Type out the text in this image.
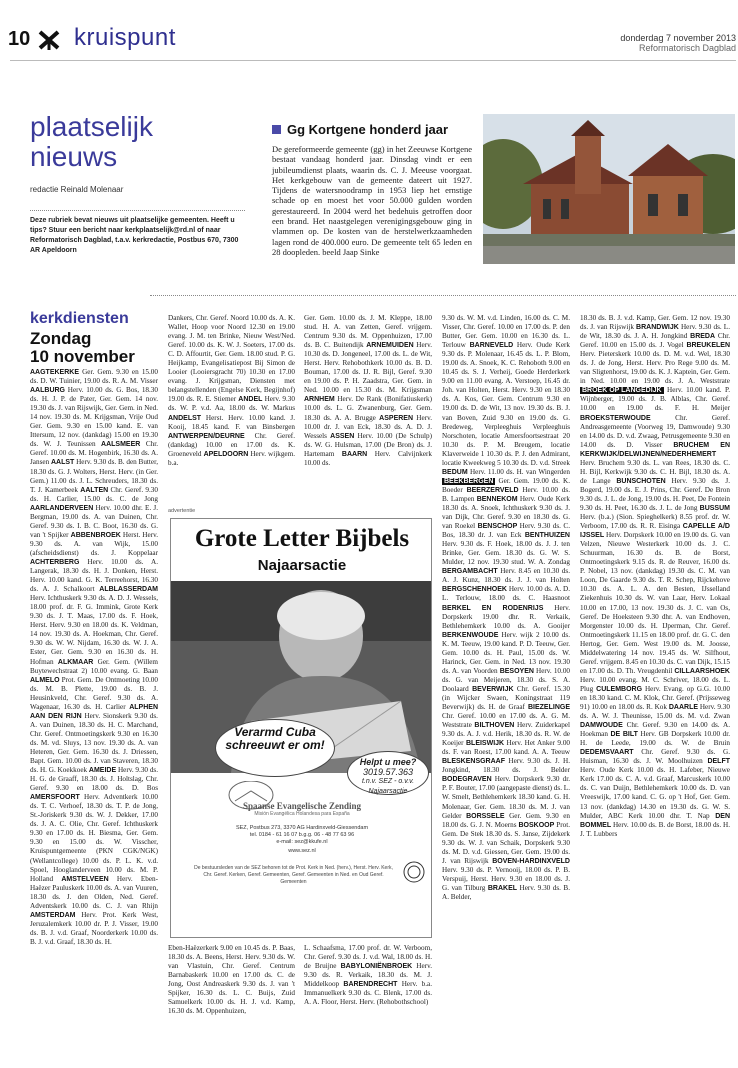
10 kruispunt	donderdag 7 november 2013
Reformatorisch Dagblad
plaatselijk
nieuws
redactie Reinald Molenaar
Deze rubriek bevat nieuws uit plaatselijke gemeenten. Heeft u tips? Stuur een bericht naar kerkplaatselijk@rd.nl of naar Reformatorisch Dagblad, t.a.v. kerkredactie, Postbus 670, 7300 AR Apeldoorn
Gg Kortgene honderd jaar
De gereformeerde gemeente (gg) in het Zeeuwse Kortgene bestaat vandaag honderd jaar. Dinsdag vindt er een jubileumdienst plaats, waarin ds. C. J. Meeuse voorgaat. Het kerkgebouw van de gemeente dateert uit 1927. Tijdens de watersnoodramp in 1953 liep het ernstige schade op en moest het voor 50.000 gulden worden gerestaureerd. In 2004 werd het bedehuis getroffen door een brand. Het naastgelegen verenigingsgebouw ging in vlammen op. De kosten van de herstelwerkzaamheden lagen rond de 400.000 euro. De gemeente telt 65 leden en 28 doopleden. beeld Jaap Sinke
kerkdiensten
Zondag
10 november
AAGTEKERKE Ger. Gem. 9.30 en 15.00 ds. D. W. Tuinier, 19.00 ds. R. A. M. Visser AALBURG Herv. 10.00 ds. G. Bos, 18.30 ds. H. J. P. de Pater, Ger. Gem. 14 nov. 19.30 ds. J. van Rijswijk, Ger. Gem. in Ned. 14 nov. 19.30 ds. M. Krijgsman, Vrije Oud Ger. Gem. 9.30 en 15.00 kand. E. van Ittersum, 12 nov. (dankdag) 15.00 en 19.30 ds. W. J. Teunissen AALSMEER Chr. Geref. 10.00 ds. M. Hogenbirk, 16.30 ds. A. Jansen AALST Herv. 9.30 ds. B. den Butter, 18.30 ds. G. J. Wolters, Herst. Herv. (in Ger. Gem.) 11.00 ds. J. L. Schreuders, 18.30 ds. T. J. Kamerbeek AALTEN Chr. Geref. 9.30 ds. H. Carlier, 15.00 ds. C. de Jong AARLANDERVEEN Herv. 10.00 dhr. E. J. Bergman, 19.00 ds. A. van Duinen, Chr. Geref. 9.30 ds. I. B. C. Boot, 16.30 ds. G. van 't Spijker ABBENBROEK Herst. Herv. 9.30 ds. A. van Wijk, 15.00 (afscheidsdienst) ds. J. Koppelaar ACHTERBERG Herv. 10.00 ds. A. Langerak, 18.30 ds. H. J. Donken, Herst. Herv. 10.00 kand. G. K. Terreehorst, 16.30 ds. A. J. Schalkoort ALBLASSERDAM Herv. Ichthuskerk 9.30 ds. A. D. J. Wessels, 18.00 prof. dr. F. G. Immink, Grote Kerk 9.30 ds. J. T. Maas, 17.00 ds. F. Hoek, Herst. Herv. 9.30 en 18.00 ds. K. Veldman, 14 nov. 19.30 ds. A. Hoekman, Chr. Geref. 9.30 ds. W. W. Nijdam, 16.30 ds. W. J. A. Ester, Ger. Gem. 9.30 en 16.30 ds. H. Hofman ALKMAAR Ger. Gem. (Willem Buytewechstraat 2) 10.00 evang. G. Baan ALMELO Prot. Gem. De Ontmoeting 10.00 ds. M. B. Plette, 19.00 ds. B. J. Heusinkveld, Chr. Geref. 9.30 ds. A. Wagenaar, 16.30 ds. H. Carlier ALPHEN AAN DEN RIJN Herv. Sionskerk 9.30 ds. A. van Duinen, 18.30 ds. H. C. Marchand, Chr. Geref. Ontmoetingskerk 9.30 en 16.30 ds. M. vd. Sluys, 13 nov. 19.30 ds. A. van Heteren, Ger. Gem. 16.30 ds. J. Driessen, Bapt. Gem. 10.00 ds. J. van Staveren, 18.30 ds. H. G. Koekkoek AMEIDE Herv. 9.30 ds. H. G. de Graaff, 18.30 ds. J. Holtslag, Chr. Geref. 9.30 en 18.00 ds. D. Bos AMERSFOORT Herv. Adventkerk 10.00 ds. T. C. Verhoef, 18.30 ds. T. P. de Jong, St.-Joriskerk 9.30 ds. W. J. Dekker, 17.00 ds. J. A. C. Olie, Chr. Geref. Ichthuskerk 9.30 en 17.00 ds. H. Biesma, Ger. Gem. 9.30 en 15.00 ds. W. Visscher, Kruispuntgemeente (PKN CGK/NGK) (Wellantcollege) 10.00 ds. P. L. K. v.d. Spoel, Hooglanderveen 10.00 ds. M. P. Holland AMSTELVEEN Herv. Eben-Haëzer Pauluskerk 10.00 ds. A. van Vuuren, 18.30 ds. J. den Olden, Ned. Geref. Adventskerk 10.00 ds. C. J. van Rhijn AMSTERDAM Herv. Prot. Kerk West, Jeruzalemkerk 10.00 dr. P. J. Visser, 19.00 ds. B. J. v.d. Graaf, Noorderkerk 10.00 ds. B. J. v.d. Graaf, 18.30 ds. H.
Dankers, Chr. Geref. Noord 10.00 ds. A. K. Wallet, Hoop voor Noord 12.30 en 19.00 evang. J. M. ten Brinke, Nieuw West/Ned. Geref. 10.00 ds. K. W. J. Soeters, 17.00 ds. C. D. Affourtit, Ger. Gem. 18.00 stud. P. G. Heijkamp, Evangelisatiepost Bij Simon de Looier (Looiersgracht 70) 10.30 en 17.00 evang. J. Krijgsman, Diensten met belangstellenden (Engelse Kerk, Begijnhof) 19.00 ds. R. E. Stiemer ANDEL Herv. 9.30 ds. W. P. v.d. Aa, 18.00 ds. W. Markus ANDELST Herst. Herv. 10.00 kand. J. Kooij, 18.45 kand. F. van Binsbergen ANTWERPEN/DEURNE Chr. Geref. (dankdag) 10.00 en 17.00 ds. K. Groeneveld APELDOORN Herv. wijkgem. b.a.
Ger. Gem. 10.00 ds. J. M. Kleppe, 18.00 stud. H. A. van Zetten, Geref. vrijgem. Centrum 9.30 ds. M. Oppenhuizen, 17.00 ds. B. C. Buitendijk ARNEMUIDEN Herv. 10.30 ds. D. Jongeneel, 17.00 ds. L. de Wit, Herst. Herv. Rehobothkerk 10.00 ds. B. D. Bouman, 17.00 ds. IJ. R. Bijl, Geref. 9.30 en 19.00 ds. P. H. Zaadstra, Ger. Gem. in Ned. 10.00 en 15.30 ds. M. Krijgsman ARNHEM Herv. De Rank (Bonifatiuskerk) 10.00 ds. L. G. Zwanenburg, Ger. Gem. 18.30 ds. A. A. Brugge ASPEREN Herv. 10.00 dr. J. van Eck, 18.30 ds. A. D. J. Wessels ASSEN Herv. 10.00 (De Schulp) ds. W. G. Hulsman, 17.00 (De Bron) ds. J. Hartemam BAARN Herv. Calvijnkerk 10.00 ds.
Eben-Haëzerkerk 9.00 en 10.45 ds. P. Baas, 18.30 ds. A. Beens, Herst. Herv. 9.30 ds. W. van Vlastuin, Chr. Geref. Centrum Barnabaskerk 10.00 en 17.00 ds. C. de Jong, Oost Andreaskerk 9.30 ds. J. van 't Spijker, 16.30 ds. L. C. Buijs, Zuid Samuelkerk 10.00 ds. H. J. v.d. Kamp, 16.30 ds. M. Oppenhuizen,
L. Schaafsma, 17.00 prof. dr. W. Verboom, Chr. Geref. 9.30 ds. J. v.d. Wal, 18.00 ds. H. de Bruijne BABYLONIËNBROEK Herv. 9.30 ds. R. Verkaik, 18.30 ds. M. J. Middelkoop BARENDRECHT Herv. b.a. Immanuelkerk 9.30 ds. C. Blenk, 17.00 ds. A. A. Floor, Herst. Herv. (Rehobothschool)
9.30 ds. W. M. v.d. Linden, 16.00 ds. C. M. Visser, Chr. Geref. 10.00 en 17.00 ds. P. den Butter, Ger. Gem. 10.00 en 16.30 ds. L. Terlouw BARNEVELD Herv. Oude Kerk 9.30 ds. P. Molenaar, 16.45 ds. L. P. Blom, 19.00 ds. A. Snoek, K. C. Rehoboth 9.00 en 10.45 ds. S. J. Verheij, Goede Herderkerk 9.00 en 11.00 evang. A. Verstoep, 16.45 dr. Joh. van Holten, Herst. Herv. 9.30 en 18.30 ds. A. Kos, Ger. Gem. Centrum 9.30 en 19.00 ds. D. de Wit, 13 nov. 19.30 ds. B. J. van Boven, Zuid 9.30 en 19.00 ds. G. Bredeweg, Verpleeghuis Verpleeghuis Norschoten, locatie Amersfoortsestraat 20 10.30 ds. P. M. Breugem, locatie Klaverweide 1 10.30 ds. P. J. den Admirant, locatie Kweekweg 5 10.30 ds. D. v.d. Streek BEDUM Herv. 11.00 ds. H. van Wingerden BEEKBERGEN Ger. Gem. 19.00 ds. K. Boeder BEERZERVELD Herv. 10.00 ds. B. Lampen BENNEKOM Herv. Oude Kerk 18.30 ds. A. Snoek, Ichthuskerk 9.30 ds. J. van Dijk, Chr. Geref. 9.30 en 18.30 ds. G. van Roekel BENSCHOP Herv. 9.30 ds. C. Bos, 18.30 dr. J. van Eck BENTHUIZEN Herv. 9.30 ds. F. Hoek, 18.00 ds. J. J. ten Brinke, Ger. Gem. 18.30 ds. G. W. S. Mulder, 12 nov. 19.30 stud. W. A. Zondag BERGAMBACHT Herv. 8.45 en 10.30 ds. A. J. Kunz, 18.30 ds. J. J. van Holten BERGSCHENHOEK Herv. 10.00 ds. A. D. L. Terlouw, 18.00 ds. C. Haasnoot BERKEL EN RODENRIJS Herv. Dorpskerk 19.00 dhr. R. Verkaik, Bethlehemkerk 10.00 ds. A. Gooijer BERKENWOUDE Herv. wijk 2 10.00 ds. K. M. Teeuw, 19.00 kand. P. D. Teeuw, Ger. Gem. 10.00 ds. H. Paul, 15.00 ds. W. Harinck, Ger. Gem. in Ned. 13 nov. 19.30 ds. A. van Voorden BESOYEN Herv. 10.00 ds. G. van Meijeren, 18.30 ds. S. A. Doolaard BEVERWIJK Chr. Geref. 15.30 (in Wijcker Swaen, Koningstraat 119 Beverwijk) ds. H. de Graaf BIEZELINGE Chr. Geref. 10.00 en 17.00 ds. A. G. M. Weststrate BILTHOVEN Herv. Zuiderkapel 9.30 ds. A. J. v.d. Herik, 18.30 ds. R. W. de Koeijer BLEISWIJK Herv. Het Anker 9.00 ds. F. van Roest, 17.00 kand. A. A. Teeuw BLESKENSGRAAF Herv. 9.30 ds. J. H. Jongkind, 18.30 ds. J. Belder BODEGRAVEN Herv. Dorpskerk 9.30 dr. P. F. Bouter, 17.00 (aangepaste dienst) ds. L. W. Smelt, Bethlehemkerk 18.30 kand. G. H. Molenaar, Ger. Gem. 18.30 ds. M. J. van Gelder BORSSELE Ger. Gem. 9.30 en 18.00 ds. G. J. N. Moerns BOSKOOP Prot. Gem. De Stek 18.30 ds. S. Janse, Zijdekerk 9.30 ds. W. J. van Schaik, Dorpskerk 9.30 ds. M. D. v.d. Giessen, Ger. Gem. 19.00 ds. J. van Rijswijk BOVEN-HARDINXVELD Herv. 9.30 ds. P. Vernooij, 18.00 ds. P. B. Verspuij, Herst. Herv. 9.30 en 18.00 ds. J. G. van Tilburg BRAKEL Herv. 9.30 ds. B. A. Belder,
18.30 ds. B. J. v.d. Kamp, Ger. Gem. 12 nov. 19.30 ds. J. van Rijswijk BRANDWIJK Herv. 9.30 ds. L. de Wit, 18.30 ds. J. A. H. Jongkind BREDA Chr. Geref. 10.00 en 15.00 ds. J. Vogel BREUKELEN Herv. Pieterskerk 10.00 ds. D. M. v.d. Wel, 18.30 ds. J. de Jong, Herst. Herv. Pro Rege 9.00 ds. M. van Sligtenhorst, 19.00 ds. K. J. Kaptein, Ger. Gem. in Ned. 10.00 en 19.00 ds. J. A. Weststrate BROEK OP LANGEDIJK Herv. 10.00 kand. P. Wijnberger, 19.00 ds. J. B. Alblas, Chr. Geref. 10.00 en 19.00 ds. F. H. Meijer BROEKSTERWOUDE Chr. Geref. Andreasgemeente (Voorweg 19, Damwoude) 9.30 en 14.00 ds. D. v.d. Zwaag, Petrusgemeente 9.30 en 14.00 ds. D. Visser BRUCHEM EN KERKWIJK/DELWIJNEN/NEDERHEMERT Herv. Bruchem 9.30 ds. L. van Rees, 18.30 ds. C. H. Bijl, Kerkwijk 9.30 ds. C. H. Bijl, 18.30 ds. A. de Lange BUNSCHOTEN Herv. 9.30 ds. J. Bogerd, 19.00 ds. E. J. Prins, Chr. Geref. De Bron 9.30 ds. J. L. de Jong, 19.00 ds. H. Peet, De Fontein 9.30 ds. H. Peet, 16.30 ds. J. L. de Jong BUSSUM Herv. (b.a.) (Sion. Spieghelkerk) 8.55 prof. dr. W. Verboom, 17.00 ds. R. R. Eisinga CAPELLE A/D IJSSEL Herv. Dorpskerk 10.00 en 19.00 ds. G. van Velzen, Nieuwe Westerkerk 10.00 ds. J. C. Schuurman, 16.30 ds. B. de Borst, Ontmoetingskerk 9.15 ds. R. de Reuver, 16.00 ds. P. Nobel, 13 nov. (dankdag) 19.30 ds. C. M. van Loon, De Gaarde 9.30 ds. T. R. Schep, Rijckehove 10.30 ds. A. L. A. den Besten, IJsselland Ziekenhuis 10.30 ds. W. van Laar, Herv. Lokaal 10.00 en 17.00, 13 nov. 19.30 ds. J. C. van Os, Geref. De Hoeksteen 9.30 dhr. A. van Endhoven, Morgenster 10.00 ds. H. IJperman, Chr. Geref. Ontmoetingskerk 11.15 en 18.00 prof. dr. G. C. den Hertog, Ger. Gem. West 19.00 ds. M. Joosse, Middelwatering 14 nov. 19.45 ds. W. Silfhout, Geref. vrijgem. 8.45 en 10.30 ds. C. van Dijk, 15.15 en 17.00 ds. D. Th. Vreugdenhil CILLAARSHOEK Herv. 10.00 evang. M. C. Schriver, 18.00 ds. L. Plug CULEMBORG Herv. Evang. op G.G. 10.00 en 18.30 kand. C. M. Klok, Chr. Geref. (Prijsseweg 91) 10.00 en 18.00 ds. R. Kok DAARLE Herv. 9.30 ds. A. W. J. Theunisse, 15.00 ds. M. v.d. Zwan DAMWOUDE Chr. Geref. 9.30 en 14.00 ds. A. Hoekman DE BILT Herv. GB Dorpskerk 10.00 dr. H. de Leede, 19.00 ds. W. de Bruin DEDEMSVAART Chr. Geref. 9.30 ds. G. Huisman, 16.30 ds. J. W. Moolhuizen DELFT Herv. Oude Kerk 10.00 ds. H. Lafeber, Nieuwe Kerk 17.00 ds. C. A. v.d. Graaf, Marcuskerk 10.00 ds. C. van Duijn, Bethlehemkerk 10.00 ds. D. van Vreeswijk, 17.00 kand. C. G. op 't Hof, Ger. Gem. 13 nov. (dankdag) 14.30 en 19.30 ds. G. W. S. Mulder, ABC Kerk 10.00 dhr. T. Nap DEN BOMMEL Herv. 10.00 ds. B. de Borst, 18.00 ds. H. J. T. Lubbers
advertentie
Grote Letter Bijbels
Najaarsactie
Verarmd Cuba schreeuwt er om!
Helpt u mee?
3019.57.363
t.n.v. SEZ - o.v.v. Najaarsactie
Spaanse Evangelische Zending
Misión Evangélica Holandesa para España
SEZ, Postbus 273, 3370 AG Hardinxveld-Giessendam
tel. 0184 - 61 16 07 b.g.g. 06 - 48 77 63 96
e-mail: sez@kkufe.nl
www.sez.nl
De bestuursleden van de SEZ behoren tot de Prot. Kerk in Ned. (herv.), Herst. Herv. Kerk, Chr. Geref. Kerken, Geref. Gemeenten, Geref. Gemeenten in Ned. en Oud Geref. Gemeenten
